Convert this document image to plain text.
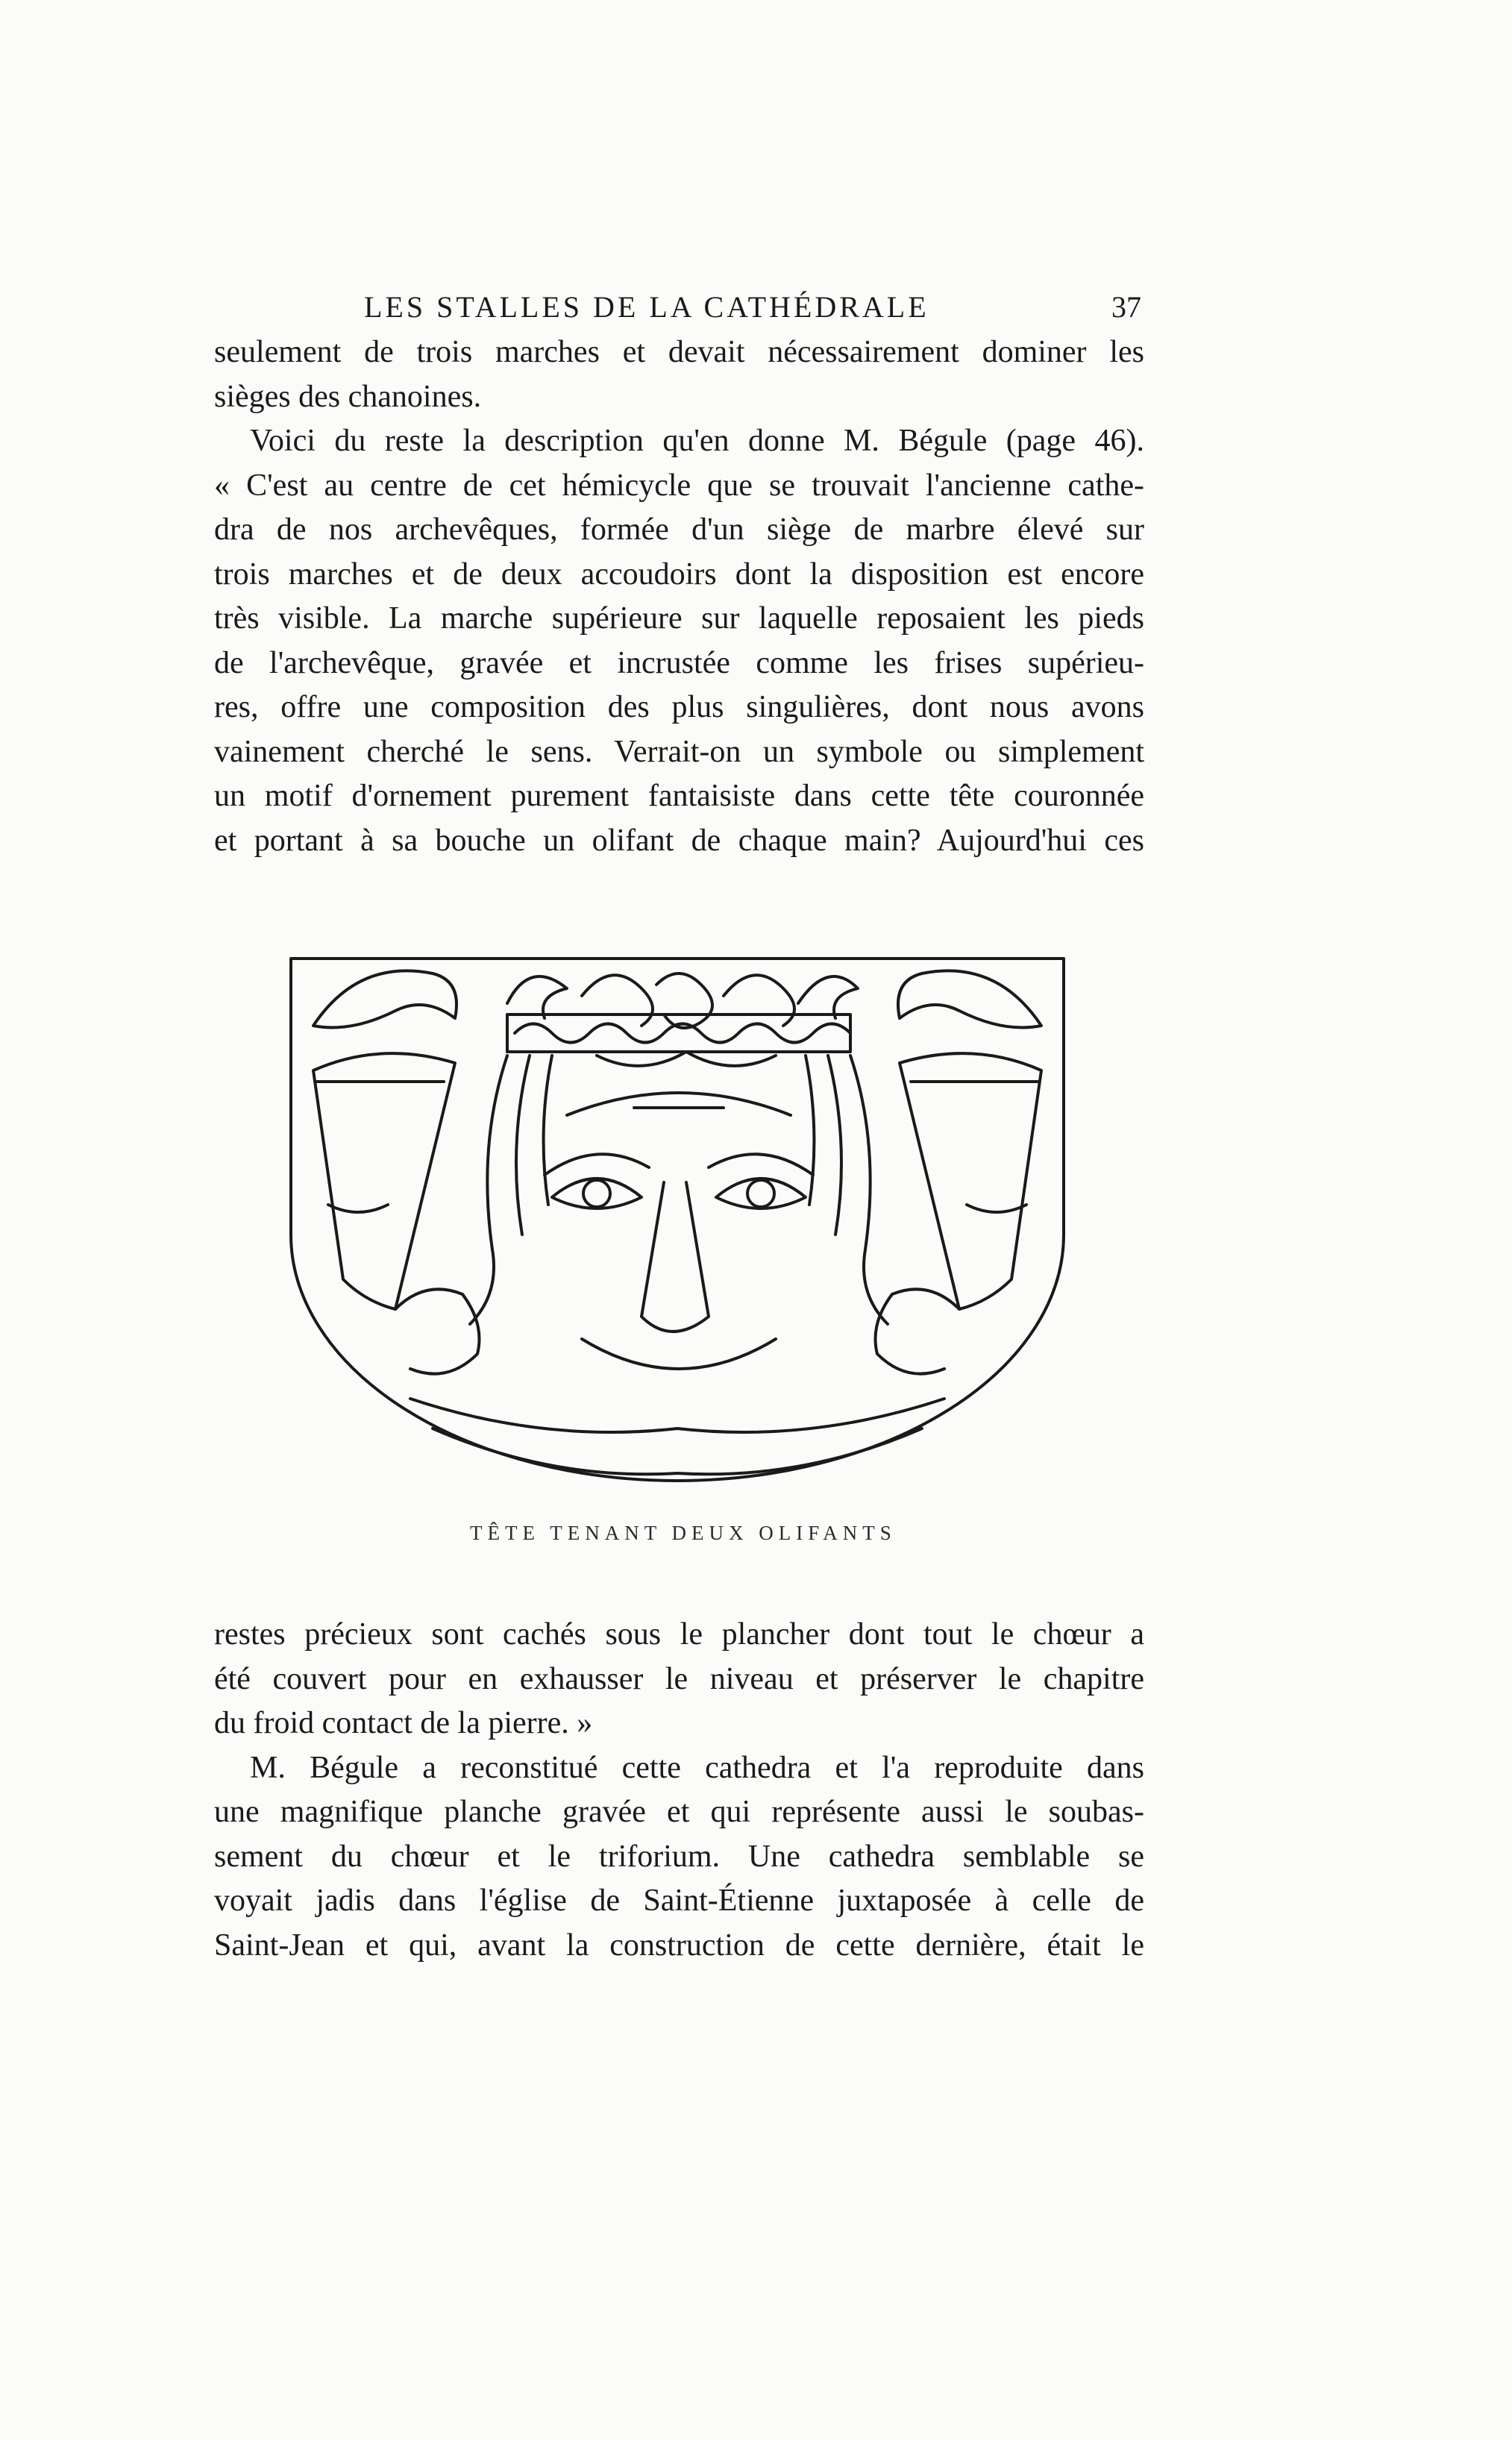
LES STALLES DE LA CATHÉDRALE	37
seulement de trois marches et devait nécessairement dominer les
sièges des chanoines.
Voici du reste la description qu'en donne M. Bégule (page 46).
« C'est au centre de cet hémicycle que se trouvait l'ancienne cathe-
dra de nos archevêques, formée d'un siège de marbre élevé sur
trois marches et de deux accoudoirs dont la disposition est encore
très visible. La marche supérieure sur laquelle reposaient les pieds
de l'archevêque, gravée et incrustée comme les frises supérieu-
res, offre une composition des plus singulières, dont nous avons
vainement cherché le sens. Verrait-on un symbole ou simplement
un motif d'ornement purement fantaisiste dans cette tête couronnée
et portant à sa bouche un olifant de chaque main? Aujourd'hui ces
TÊTE TENANT DEUX OLIFANTS
restes précieux sont cachés sous le plancher dont tout le chœur a
été couvert pour en exhausser le niveau et préserver le chapitre
du froid contact de la pierre. »
M. Bégule a reconstitué cette cathedra et l'a reproduite dans
une magnifique planche gravée et qui représente aussi le soubas-
sement du chœur et le triforium. Une cathedra semblable se
voyait jadis dans l'église de Saint-Étienne juxtaposée à celle de
Saint-Jean et qui, avant la construction de cette dernière, était le
